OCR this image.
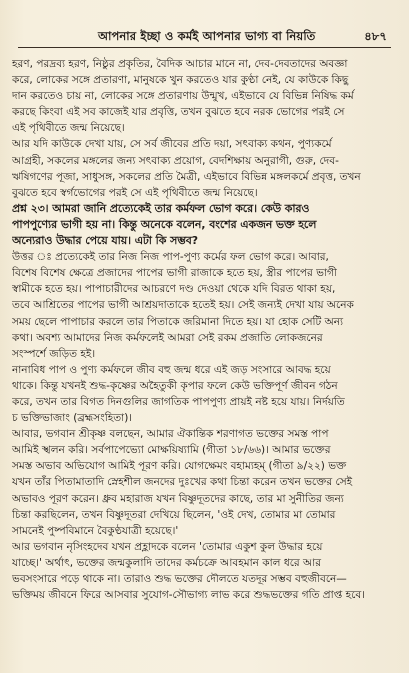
আপনার ইচ্ছা ও কর্মই আপনার ভাগ্য বা নিয়তি	৪৮৭
হরণ, পরদ্রব্য হরণ, নিষ্ঠুর প্রকৃতির, বৈদিক আচার মানে না, দেব-দেবতাদের অবজ্ঞা
করে, লোকের সঙ্গে প্রতারণা, মানুষকে খুন করতেও যার কুণ্ঠা নেই, যে কাউকে কিছু
দান করতেও চায় না, লোকের সঙ্গে প্রতারণায় উন্মুখ, এইভাবে যে বিভিন্ন নিষিদ্ধ কর্ম
করছে কিংবা এই সব কাজেই যার প্রবৃত্তি, তখন বুঝতে হবে নরক ভোগের পরই সে
এই পৃথিবীতে জন্ম নিয়েছে।
আর যদি কাউকে দেখা যায়, সে সর্ব জীবের প্রতি দয়া, সৎবাক্য কথন, পুণ্যকর্মে
আগ্রহী, সকলের মঙ্গলের জন্য সৎবাক্য প্রয়োগ, বেদশিক্ষায় অনুরাগী, গুরু, দেব-
ঋষিগণের পূজা, সাধুসঙ্গ, সকলের প্রতি মৈত্রী, এইভাবে বিভিন্ন মঙ্গলকর্মে প্রবৃত্ত, তখন
বুঝতে হবে স্বর্গভোগের পরই সে এই পৃথিবীতে জন্ম নিয়েছে।
প্রশ্ন ২৩। আমরা জানি প্রত্যেকেই তার কর্মফল ভোগ করে। কেউ কারও
পাপপুণ্যের ভাগী হয় না। কিন্তু অনেকে বলেন, বংশের একজন ভক্ত হলে
অন্যেরাও উদ্ধার পেয়ে যায়। এটা কি সম্ভব?
উত্তর ঃ প্রত্যেকেই তার নিজ নিজ পাপ-পুণ্য কর্মের ফল ভোগ করে। আবার,
বিশেষ বিশেষ ক্ষেত্রে প্রজাদের পাপের ভাগী রাজাকে হতে হয়, স্ত্রীর পাপের ভাগী
স্বামীকে হতে হয়। পাপাচারীদের আচরণে দণ্ড দেওয়া থেকে যদি বিরত থাকা হয়,
তবে আশ্রিতের পাপের ভাগী আশ্রয়দাতাকে হতেই হয়। সেই জন্যই দেখা যায় অনেক
সময় ছেলে পাপাচার করলে তার পিতাকে জরিমানা দিতে হয়। যা হোক সেটি অন্য
কথা। অবশ্য আমাদের নিজ কর্মফলেই আমরা সেই রকম প্রজাতি লোকজনের
সংস্পর্শে জড়িত হই।
নানাবিধ পাপ ও পুণ্য কর্মফলে জীব বহু জন্ম ধরে এই জড় সংসারে আবদ্ধ হয়ে
থাকে। কিন্তু যখনই শুদ্ধ-কৃষ্ণের অহৈতুকী কৃপার ফলে কেউ ভক্তিপূর্ণ জীবন গঠন
করে, তখন তার বিগত দিনগুলির জাগতিক পাপপুণ্য প্রায়ই নষ্ট হয়ে যায়। নির্দয়তি
চ ভক্তিভাজাং (ব্রহ্মসংহিতা)।
আবার, ভগবান শ্রীকৃষ্ণ বলছেন, আমার ঐকান্তিক শরণাগত ভক্তের সমস্ত পাপ
আমিই স্খলন করি। সর্বপাপেভ্যো মোক্ষয়িষ্যামি (গীতা ১৮/৬৬)। আমার ভক্তের
সমস্ত অভাব অভিযোগ আমিই পূরণ করি। যোগক্ষেমং বহাম্যহম্ (গীতা ৯/২২) ভক্ত
যখন তাঁর পিতামাতাদি স্নেহশীল জনদের দুঃখের কথা চিন্তা করেন তখন ভক্তের সেই
অভাবও পূরণ করেন। ধ্রুব মহারাজ যখন বিষ্ণুদূতদের কাছে, তার মা সুনীতির জন্য
চিন্তা করছিলেন, তখন বিষ্ণুদূতরা দেখিয়ে ছিলেন, 'ওই দেখ, তোমার মা তোমার
সামনেই পুষ্পবিমানে বৈকুণ্ঠযাত্রী হয়েছে।'
আর ভগবান নৃসিংহদেব যখন প্রহ্লাদকে বলেন 'তোমার একুশ কুল উদ্ধার হয়ে
যাচ্ছে।' অর্থাৎ, ভক্তের জন্মকুলাদি তাদের কর্মচক্রে আবহমান কাল ধরে আর
ভবসংসারে পড়ে থাকে না। তারাও শুদ্ধ ভক্তের দৌলতে যতদূর সম্ভব বহুজীবনে—
ভক্তিময় জীবনে ফিরে আসবার সুযোগ-সৌভাগ্য লাভ করে শুদ্ধভক্তের গতি প্রাপ্ত হবে।
